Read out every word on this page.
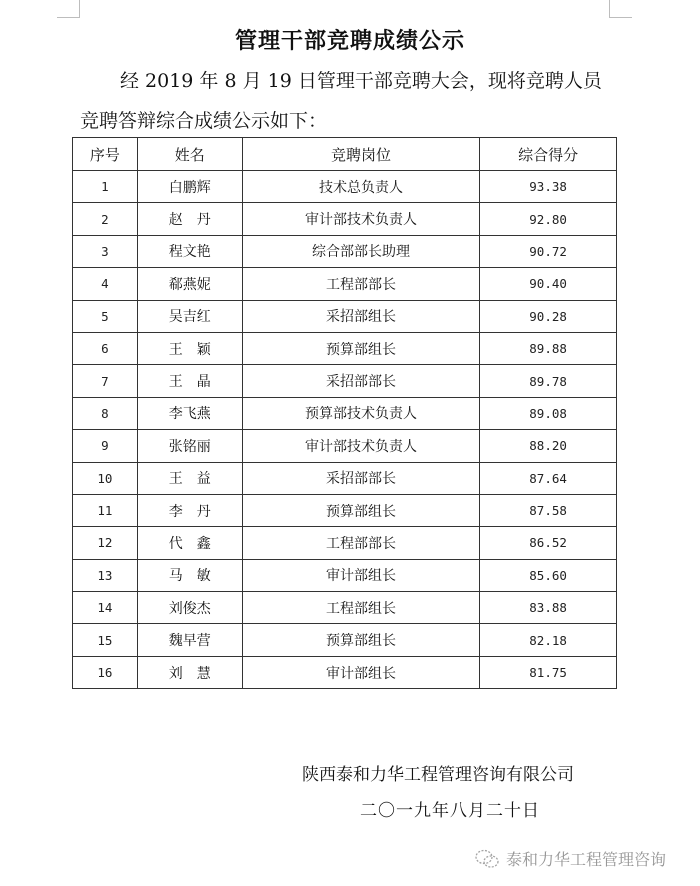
管理干部竞聘成绩公示
经 2019 年 8 月 19 日管理干部竞聘大会，现将竞聘人员
竞聘答辩综合成绩公示如下：
序号	姓名	竞聘岗位	综合得分
1	白鹏辉	技术总负责人	93.38
2	赵　丹	审计部技术负责人	92.80
3	程文艳	综合部部长助理	90.72
4	郗燕妮	工程部部长	90.40
5	吴吉红	采招部组长	90.28
6	王　颖	预算部组长	89.88
7	王　晶	采招部部长	89.78
8	李飞燕	预算部技术负责人	89.08
9	张铭丽	审计部技术负责人	88.20
10	王　益	采招部部长	87.64
11	李　丹	预算部组长	87.58
12	代　鑫	工程部部长	86.52
13	马　敏	审计部组长	85.60
14	刘俊杰	工程部组长	83.88
15	魏早营	预算部组长	82.18
16	刘　慧	审计部组长	81.75
陕西泰和力华工程管理咨询有限公司
二〇一九年八月二十日
泰和力华工程管理咨询
